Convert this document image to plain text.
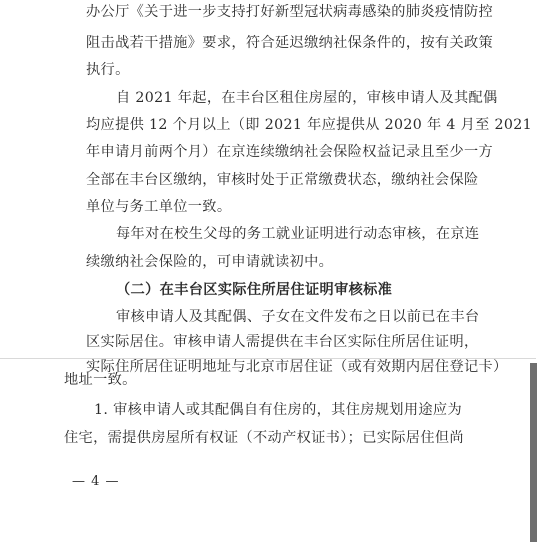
办公厅《关于进一步支持打好新型冠状病毒感染的肺炎疫情防控
阻击战若干措施》要求，符合延迟缴纳社保条件的，按有关政策
执行。
自 2021 年起，在丰台区租住房屋的，审核申请人及其配偶
均应提供 12 个月以上（即 2021 年应提供从 2020 年 4 月至 2021
年申请月前两个月）在京连续缴纳社会保险权益记录且至少一方
全部在丰台区缴纳，审核时处于正常缴费状态，缴纳社会保险
单位与务工单位一致。
每年对在校生父母的务工就业证明进行动态审核，在京连
续缴纳社会保险的，可申请就读初中。
（二）在丰台区实际住所居住证明审核标准
审核申请人及其配偶、子女在文件发布之日以前已在丰台
区实际居住。审核申请人需提供在丰台区实际住所居住证明，
实际住所居住证明地址与北京市居住证（或有效期内居住登记卡）
地址一致。
1. 审核申请人或其配偶自有住房的，其住房规划用途应为
住宅，需提供房屋所有权证（不动产权证书）；已实际居住但尚
— 4 —
